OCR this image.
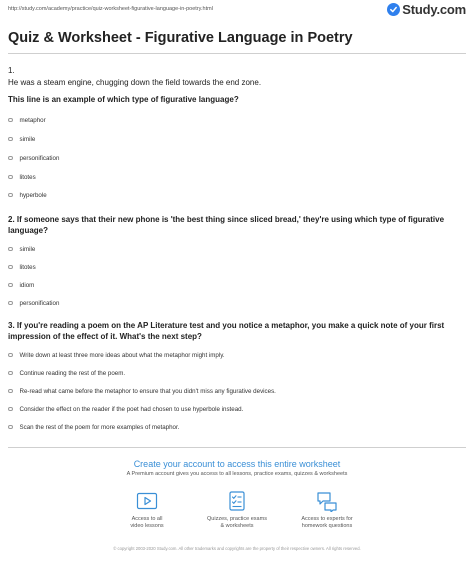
http://study.com/academy/practice/quiz-worksheet-figurative-language-in-poetry.html	Study.com
Quiz & Worksheet - Figurative Language in Poetry
1.
He was a steam engine, chugging down the field towards the end zone.
This line is an example of which type of figurative language?
metaphor
simile
personification
litotes
hyperbole
2. If someone says that their new phone is 'the best thing since sliced bread,' they're using which type of figurative language?
simile
litotes
idiom
personification
3. If you're reading a poem on the AP Literature test and you notice a metaphor, you make a quick note of your first impression of the effect of it. What's the next step?
Write down at least three more ideas about what the metaphor might imply.
Continue reading the rest of the poem.
Re-read what came before the metaphor to ensure that you didn't miss any figurative devices.
Consider the effect on the reader if the poet had chosen to use hyperbole instead.
Scan the rest of the poem for more examples of metaphor.
Create your account to access this entire worksheet
A Premium account gives you access to all lessons, practice exams, quizzes & worksheets
Access to all
video lessons
Quizzes, practice exams
& worksheets
Access to experts for
homework questions
© copyright 2003-2020 Study.com. All other trademarks and copyrights are the property of their respective owners. All rights reserved.
